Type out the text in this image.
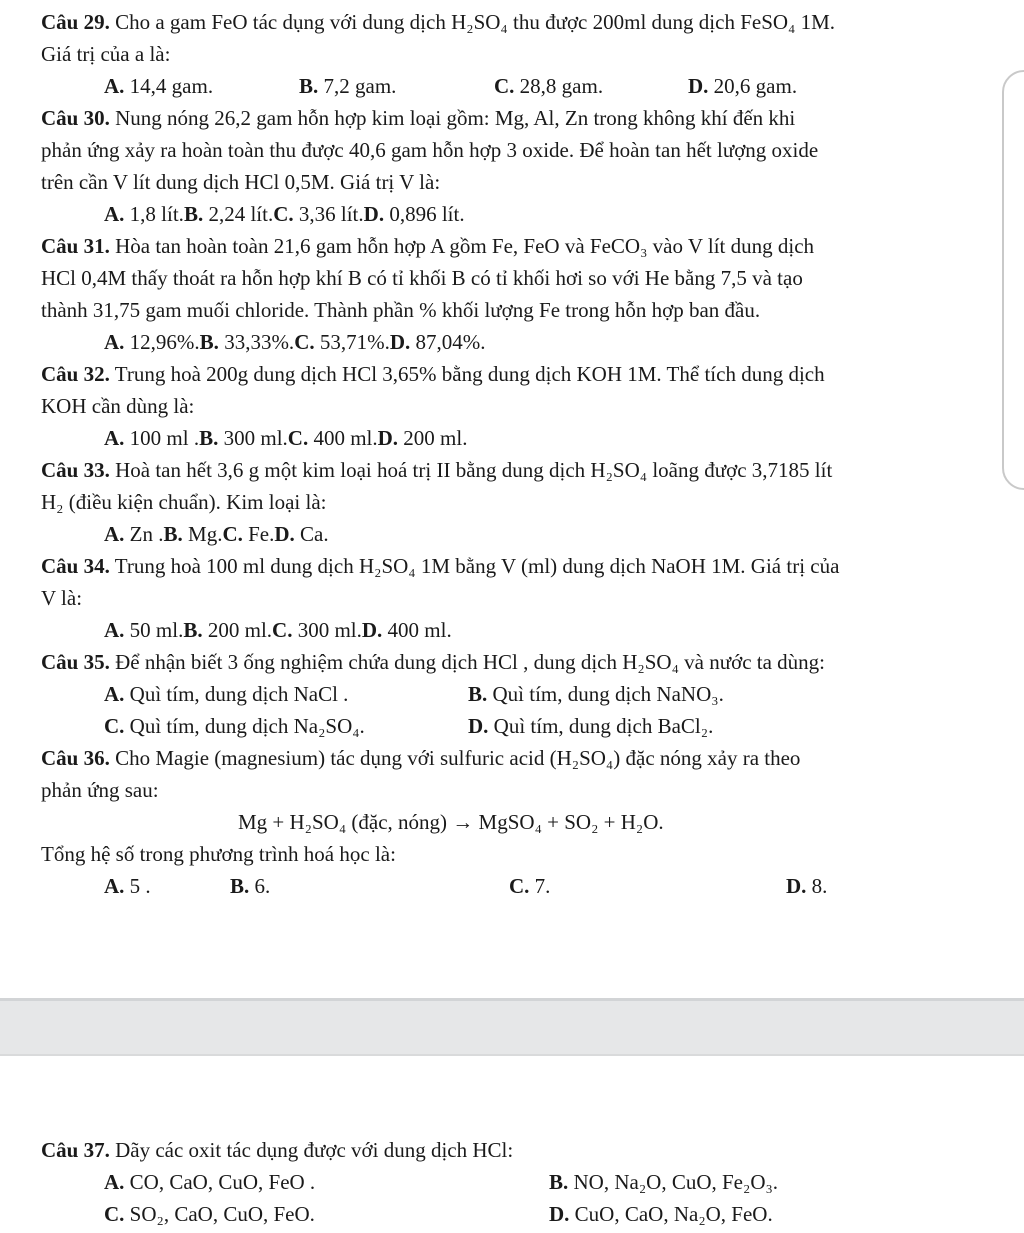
Câu 29. Cho a gam FeO tác dụng với dung dịch H₂SO₄ thu được 200ml dung dịch FeSO₄ 1M.
Giá trị của a là:
A. 14,4 gam.	B. 7,2 gam.	C. 28,8 gam.	D. 20,6 gam.
Câu 30. Nung nóng 26,2 gam hỗn hợp kim loại gồm: Mg, Al, Zn trong không khí đến khi
phản ứng xảy ra hoàn toàn thu được 40,6 gam hỗn hợp 3 oxide. Để hoàn tan hết lượng oxide
trên cần V lít dung dịch HCl 0,5M. Giá trị V là:
A. 1,8 lít.B. 2,24 lít.C. 3,36 lít.D. 0,896 lít.
Câu 31. Hòa tan hoàn toàn 21,6 gam hỗn hợp A gồm Fe, FeO và FeCO₃ vào V lít dung dịch
HCl 0,4M thấy thoát ra hỗn hợp khí B có tỉ khối B có tỉ khối hơi so với He bằng 7,5 và tạo
thành 31,75 gam muối chloride. Thành phần % khối lượng Fe trong hỗn hợp ban đầu.
A. 12,96%.B. 33,33%.C. 53,71%.D. 87,04%.
Câu 32. Trung hoà 200g dung dịch HCl 3,65% bằng dung dịch KOH 1M. Thể tích dung dịch
KOH cần dùng là:
A. 100 ml .B. 300 ml.C. 400 ml.D. 200 ml.
Câu 33. Hoà tan hết 3,6 g một kim loại hoá trị II bằng dung dịch H₂SO₄ loãng được 3,7185 lít
H₂ (điều kiện chuẩn). Kim loại là:
A. Zn .B. Mg.C. Fe.D. Ca.
Câu 34. Trung hoà 100 ml dung dịch H₂SO₄ 1M bằng V (ml) dung dịch NaOH 1M. Giá trị của
V là:
A. 50 ml.B. 200 ml.C. 300 ml.D. 400 ml.
Câu 35. Để nhận biết 3 ống nghiệm chứa dung dịch HCl , dung dịch H₂SO₄ và nước ta dùng:
A. Quì tím, dung dịch NaCl .	B. Quì tím, dung dịch NaNO₃.
C. Quì tím, dung dịch Na₂SO₄.	D. Quì tím, dung dịch BaCl₂.
Câu 36. Cho Magie (magnesium) tác dụng với sulfuric acid (H₂SO₄) đặc nóng xảy ra theo
phản ứng sau:
Mg + H₂SO₄ (đặc, nóng) → MgSO₄ + SO₂ + H₂O.
Tổng hệ số trong phương trình hoá học là:
A. 5 .	B. 6.	C. 7.	D. 8.
Câu 37. Dãy các oxit tác dụng được với dung dịch HCl:
A. CO, CaO, CuO, FeO .	B. NO, Na₂O, CuO, Fe₂O₃.
C. SO₂, CaO, CuO, FeO.	D. CuO, CaO, Na₂O, FeO.
